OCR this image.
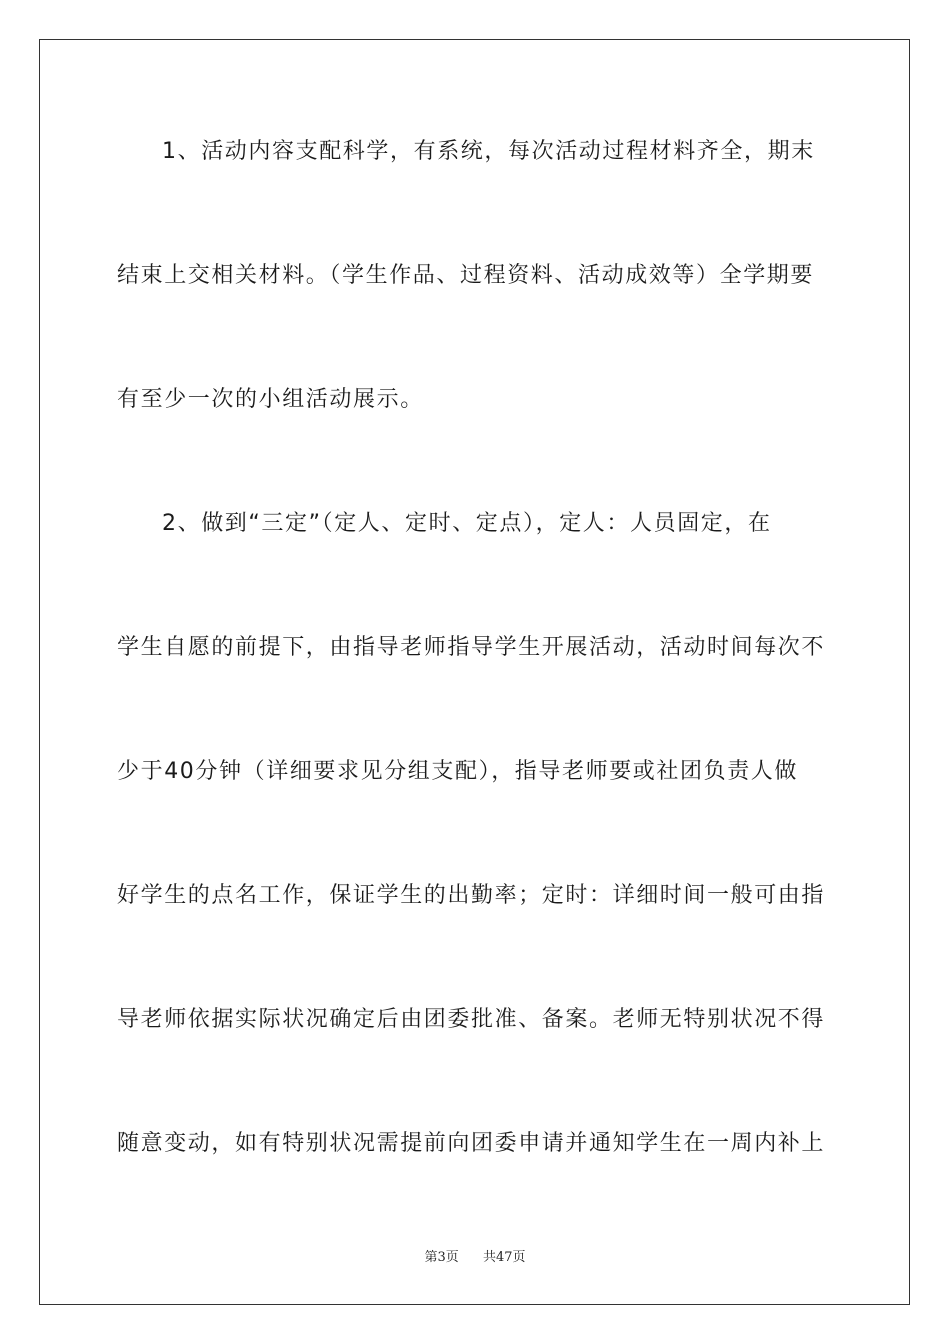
1、活动内容支配科学，有系统，每次活动过程材料齐全，期末
结束上交相关材料。（学生作品、过程资料、活动成效等）全学期要
有至少一次的小组活动展示。
2、做到“三定”（定人、定时、定点），定人：人员固定，在
学生自愿的前提下，由指导老师指导学生开展活动，活动时间每次不
少于40分钟（详细要求见分组支配），指导老师要或社团负责人做
好学生的点名工作，保证学生的出勤率；定时：详细时间一般可由指
导老师依据实际状况确定后由团委批准、备案。老师无特别状况不得
随意变动，如有特别状况需提前向团委申请并通知学生在一周内补上
第3页 共47页
